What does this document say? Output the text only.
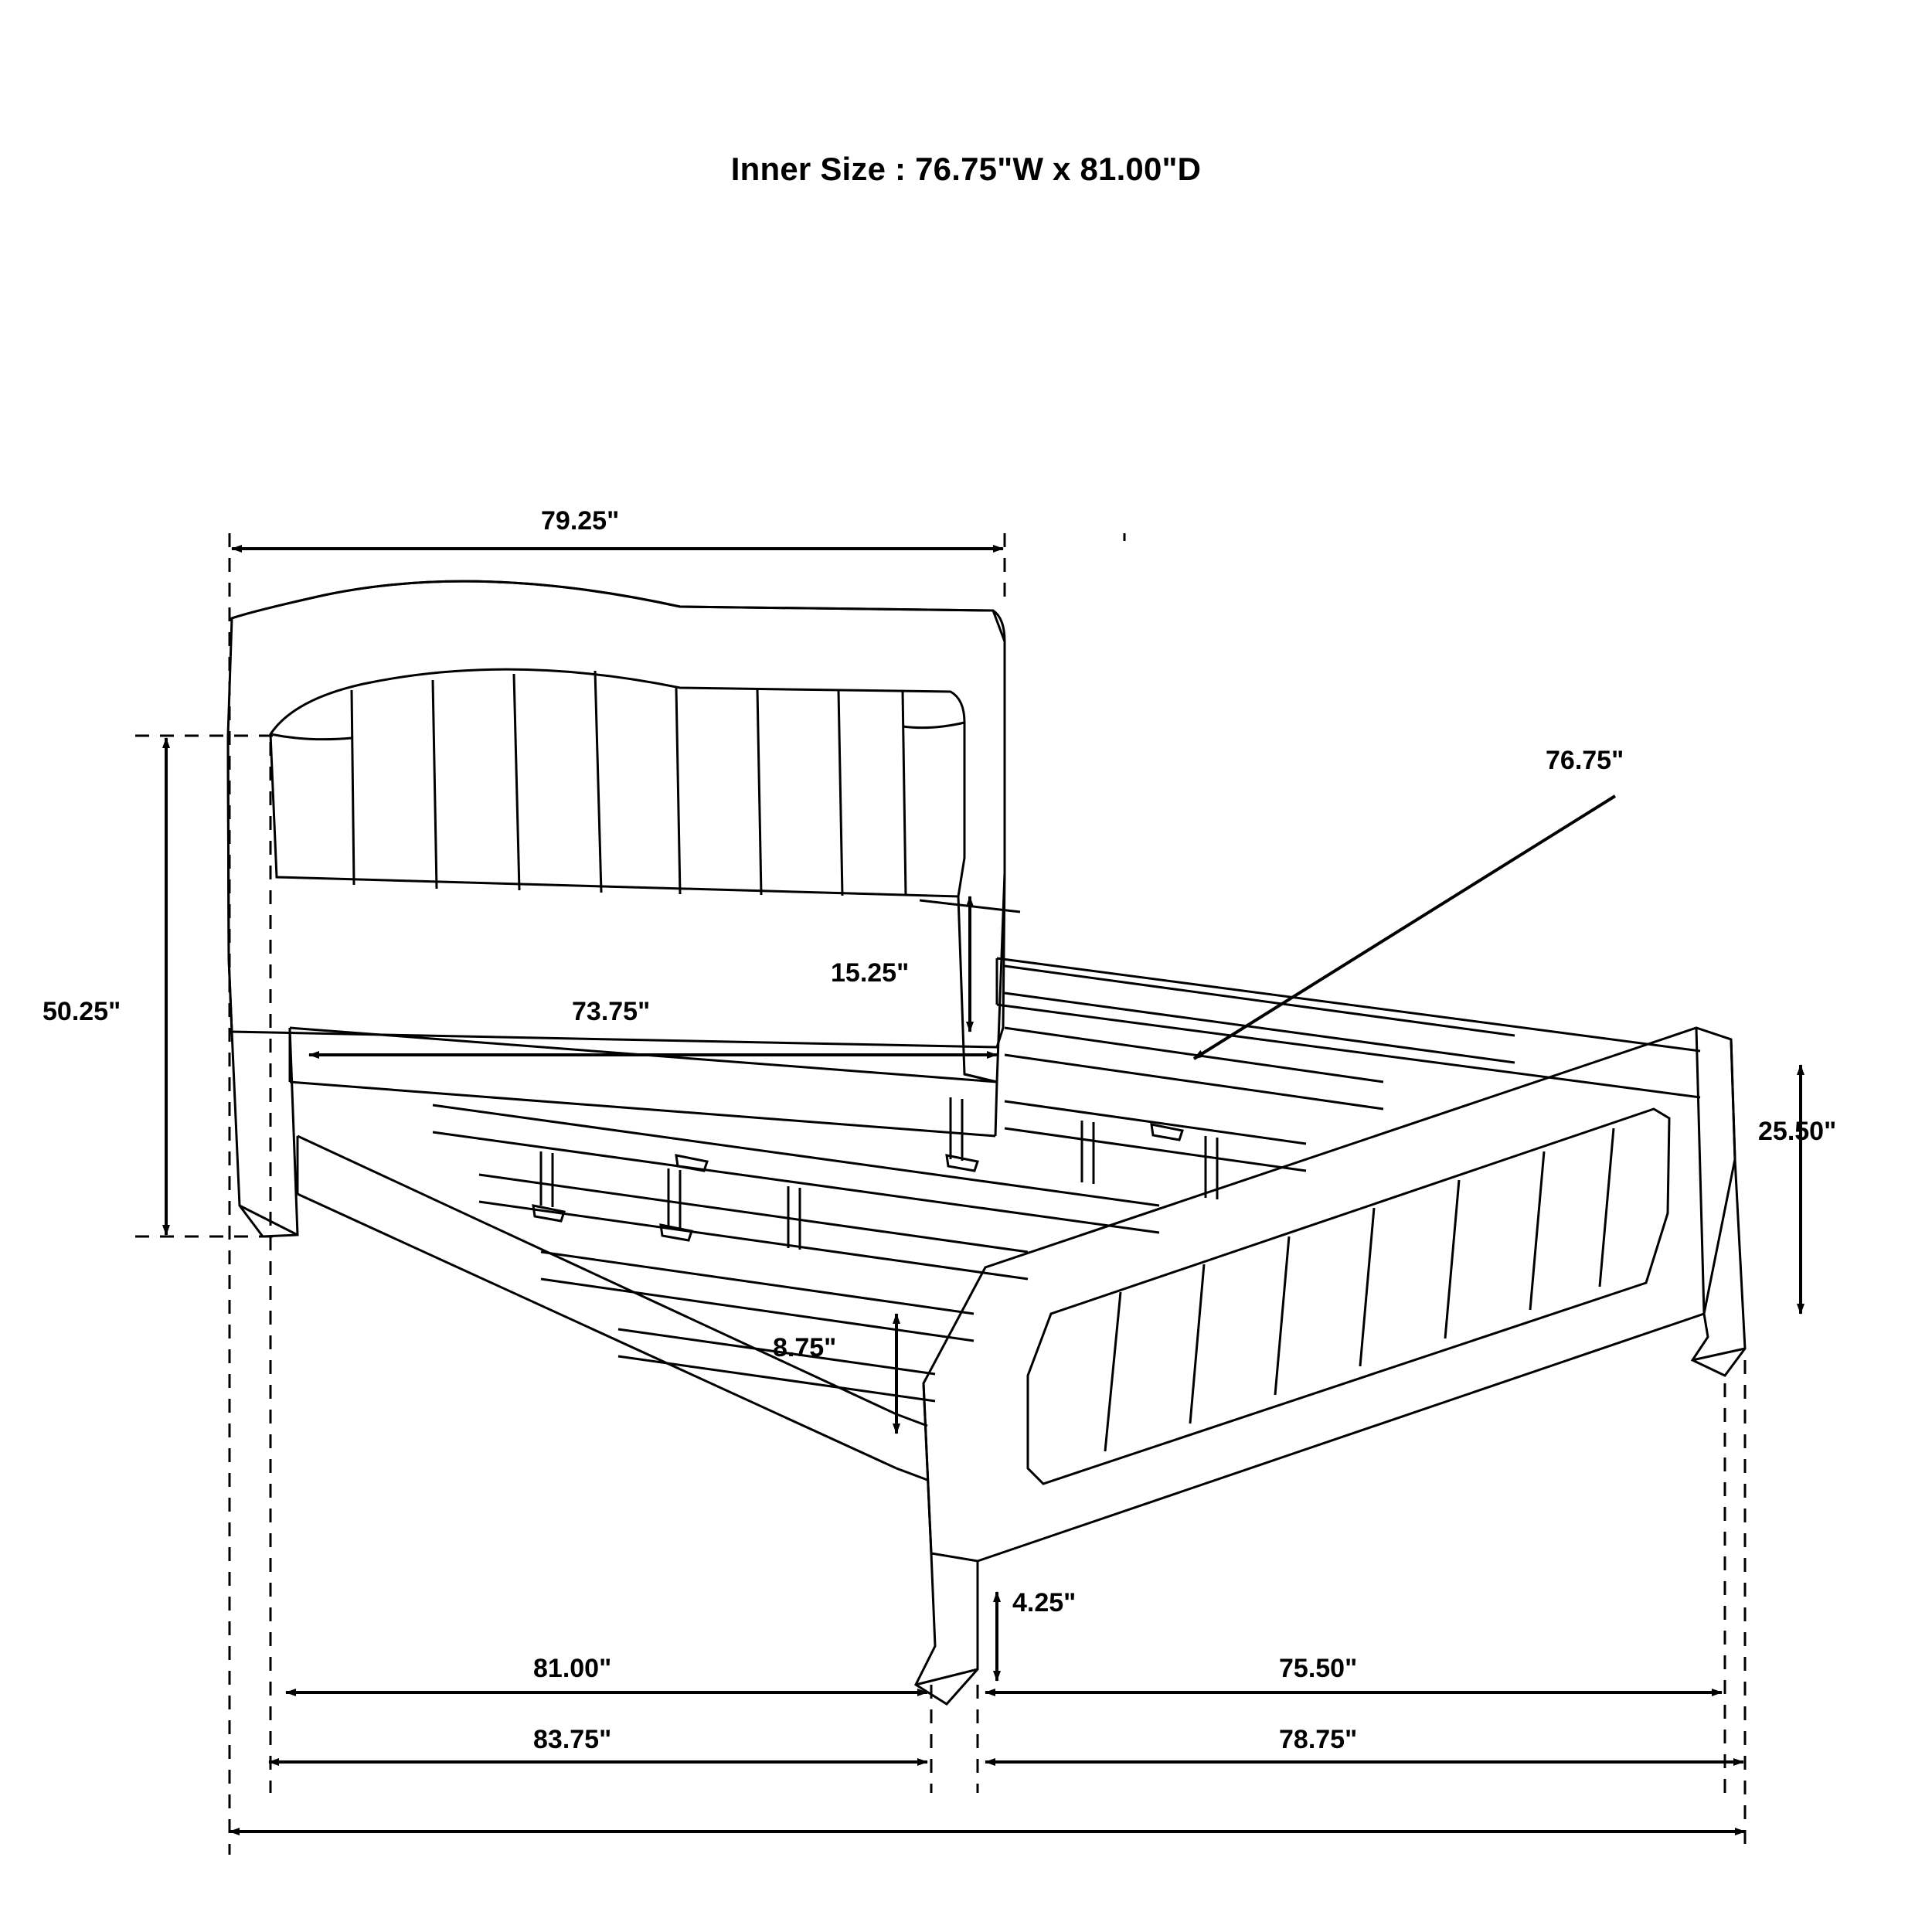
Inner Size : 76.75"W x 81.00"D
79.25"
76.75"
50.25"
15.25"
73.75"
25.50"
8.75"
4.25"
81.00"	75.50"
83.75"	78.75"
